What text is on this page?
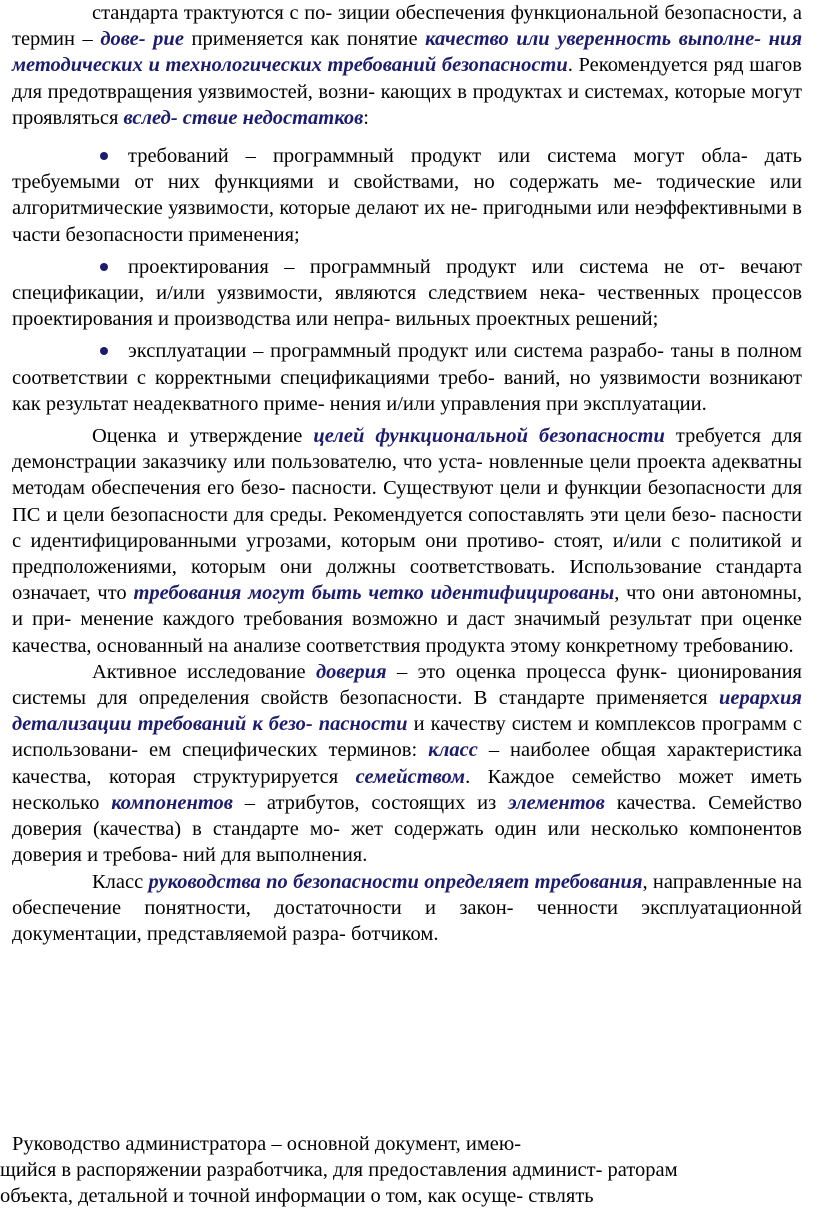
стандарта трактуются с по- зиции обеспечения функциональной безопасности, а термин – дове- рие применяется как понятие качество или уверенность выполне- ния методических и технологических требований безопасности. Рекомендуется ряд шагов для предотвращения уязвимостей, возни- кающих в продуктах и системах, которые могут проявляться вслед- ствие недостатков:

требований – программный продукт или система могут обла- дать требуемыми от них функциями и свойствами, но содержать ме- тодические или алгоритмические уязвимости, которые делают их не- пригодными или неэффективными в части безопасности применения;
проектирования – программный продукт или система не от- вечают спецификации, и/или уязвимости, являются следствием нека- чественных процессов проектирования и производства или непра- вильных проектных решений;
эксплуатации – программный продукт или система разрабо- таны в полном соответствии с корректными спецификациями требо- ваний, но уязвимости возникают как результат неадекватного приме- нения и/или управления при эксплуатации.

Оценка и утверждение целей функциональной безопасности требуется для демонстрации заказчику или пользователю, что уста- новленные цели проекта адекватны методам обеспечения его безо- пасности. Существуют цели и функции безопасности для ПС и цели безопасности для среды. Рекомендуется сопоставлять эти цели безо- пасности с идентифицированными угрозами, которым они противо- стоят, и/или с политикой и предположениями, которым они должны соответствовать. Использование стандарта означает, что требования могут быть четко идентифицированы, что они автономны, и при- менение каждого требования возможно и даст значимый результат при оценке качества, основанный на анализе соответствия продукта этому конкретному требованию.

Активное исследование доверия – это оценка процесса функ- ционирования системы для определения свойств безопасности. В стандарте применяется иерархия детализации требований к безо- пасности и качеству систем и комплексов программ с использовани- ем специфических терминов: класс – наиболее общая характеристика качества, которая структурируется семейством. Каждое семейство может иметь несколько компонентов – атрибутов, состоящих из элементов качества. Семейство доверия (качества) в стандарте мо- жет содержать один или несколько компонентов доверия и требова- ний для выполнения.

Класс руководства по безопасности определяет требования, направленные на обеспечение понятности, достаточности и закон- ченности эксплуатационной документации, представляемой разра- ботчиком.

Руководство администратора – основной документ, имею-
щийся в распоряжении разработчика, для предоставления админист- раторам
объекта, детальной и точной информации о том, как осуще- ствлять
